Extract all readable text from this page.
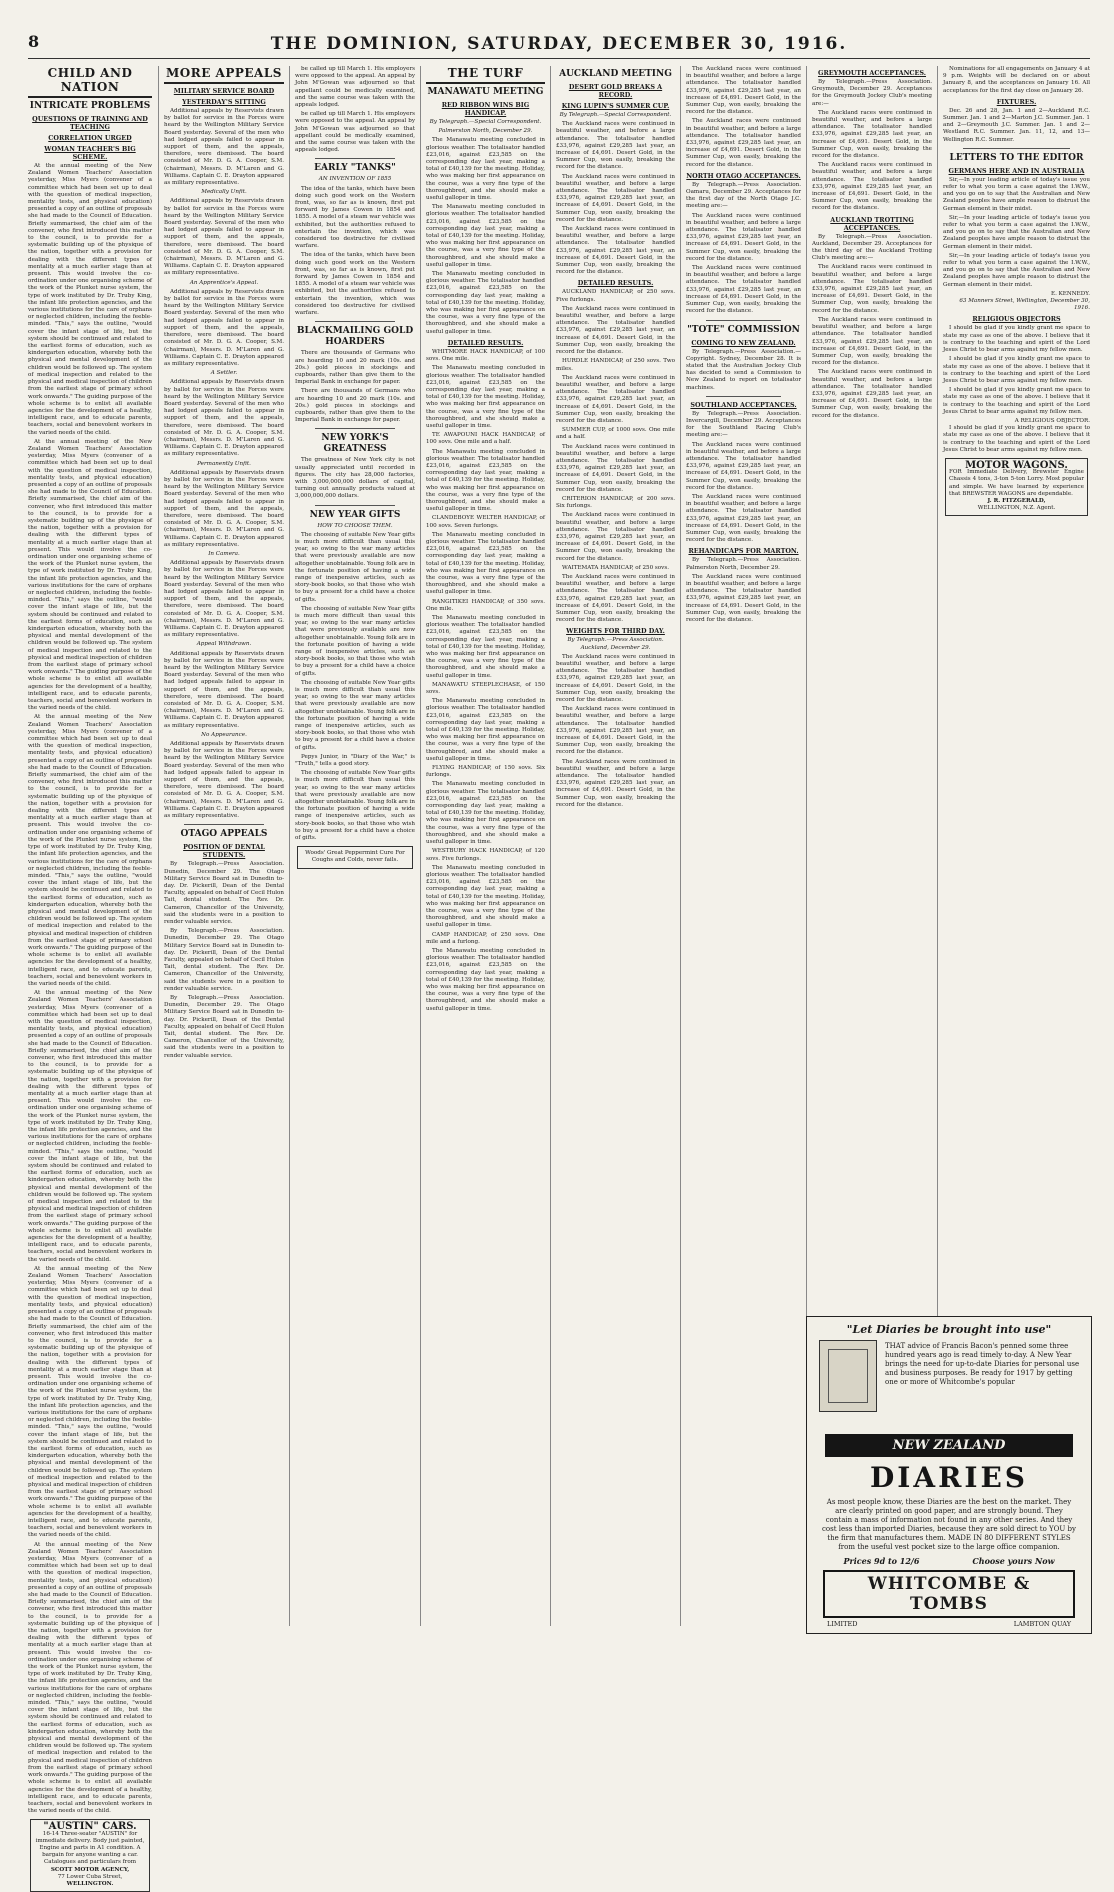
8	THE DOMINION, SATURDAY, DECEMBER 30, 1916.
CHILD AND NATION
INTRICATE PROBLEMS
QUESTIONS OF TRAINING AND TEACHING
CORRELATION URGED
WOMAN TEACHER'S BIG SCHEME.

At the annual meeting of the New Zealand Women Teachers' Association yesterday, Miss Myers (convener of a committee which had been set up to deal with the question of medical inspection, mentality tests, and physical education) presented a copy of an outline of proposals she had made to the Council of Education. Briefly summarised, the chief aim of the convener, who first introduced this matter to the council, is to provide for a systematic building up of the physique of the nation, together with a provision for dealing with the different types of mentality at a much earlier stage than at present. This would involve the co-ordination under one organising scheme of the work of the Plunket nurse system, the type of work instituted by Dr. Truby King, the infant life protection agencies, and the various institutions for the care of orphans or neglected children, including the feeble-minded. "This," says the outline, "would cover the infant stage of life, but the system should be continued and related to the earliest forms of education, such as kindergarten education, whereby both the physical and mental development of the children would be followed up. The system of medical inspection and related to the physical and medical inspection of children from the earliest stage of primary school work onwards." The guiding purpose of the whole scheme is to enlist all available agencies for the development of a healthy, intelligent race, and to educate parents, teachers, social and benevolent workers in the varied needs of the child.

At the annual meeting of the New Zealand Women Teachers' Association yesterday, Miss Myers (convener of a committee which had been set up to deal with the question of medical inspection, mentality tests, and physical education) presented a copy of an outline of proposals she had made to the Council of Education. Briefly summarised, the chief aim of the convener, who first introduced this matter to the council, is to provide for a systematic building up of the physique of the nation, together with a provision for dealing with the different types of mentality at a much earlier stage than at present. This would involve the co-ordination under one organising scheme of the work of the Plunket nurse system, the type of work instituted by Dr. Truby King, the infant life protection agencies, and the various institutions for the care of orphans or neglected children, including the feeble-minded. "This," says the outline, "would cover the infant stage of life, but the system should be continued and related to the earliest forms of education, such as kindergarten education, whereby both the physical and mental development of the children would be followed up. The system of medical inspection and related to the physical and medical inspection of children from the earliest stage of primary school work onwards." The guiding purpose of the whole scheme is to enlist all available agencies for the development of a healthy, intelligent race, and to educate parents, teachers, social and benevolent workers in the varied needs of the child.

At the annual meeting of the New Zealand Women Teachers' Association yesterday, Miss Myers (convener of a committee which had been set up to deal with the question of medical inspection, mentality tests, and physical education) presented a copy of an outline of proposals she had made to the Council of Education. Briefly summarised, the chief aim of the convener, who first introduced this matter to the council, is to provide for a systematic building up of the physique of the nation, together with a provision for dealing with the different types of mentality at a much earlier stage than at present. This would involve the co-ordination under one organising scheme of the work of the Plunket nurse system, the type of work instituted by Dr. Truby King, the infant life protection agencies, and the various institutions for the care of orphans or neglected children, including the feeble-minded. "This," says the outline, "would cover the infant stage of life, but the system should be continued and related to the earliest forms of education, such as kindergarten education, whereby both the physical and mental development of the children would be followed up. The system of medical inspection and related to the physical and medical inspection of children from the earliest stage of primary school work onwards." The guiding purpose of the whole scheme is to enlist all available agencies for the development of a healthy, intelligent race, and to educate parents, teachers, social and benevolent workers in the varied needs of the child.

At the annual meeting of the New Zealand Women Teachers' Association yesterday, Miss Myers (convener of a committee which had been set up to deal with the question of medical inspection, mentality tests, and physical education) presented a copy of an outline of proposals she had made to the Council of Education. Briefly summarised, the chief aim of the convener, who first introduced this matter to the council, is to provide for a systematic building up of the physique of the nation, together with a provision for dealing with the different types of mentality at a much earlier stage than at present. This would involve the co-ordination under one organising scheme of the work of the Plunket nurse system, the type of work instituted by Dr. Truby King, the infant life protection agencies, and the various institutions for the care of orphans or neglected children, including the feeble-minded. "This," says the outline, "would cover the infant stage of life, but the system should be continued and related to the earliest forms of education, such as kindergarten education, whereby both the physical and mental development of the children would be followed up. The system of medical inspection and related to the physical and medical inspection of children from the earliest stage of primary school work onwards." The guiding purpose of the whole scheme is to enlist all available agencies for the development of a healthy, intelligent race, and to educate parents, teachers, social and benevolent workers in the varied needs of the child.

At the annual meeting of the New Zealand Women Teachers' Association yesterday, Miss Myers (convener of a committee which had been set up to deal with the question of medical inspection, mentality tests, and physical education) presented a copy of an outline of proposals she had made to the Council of Education. Briefly summarised, the chief aim of the convener, who first introduced this matter to the council, is to provide for a systematic building up of the physique of the nation, together with a provision for dealing with the different types of mentality at a much earlier stage than at present. This would involve the co-ordination under one organising scheme of the work of the Plunket nurse system, the type of work instituted by Dr. Truby King, the infant life protection agencies, and the various institutions for the care of orphans or neglected children, including the feeble-minded. "This," says the outline, "would cover the infant stage of life, but the system should be continued and related to the earliest forms of education, such as kindergarten education, whereby both the physical and mental development of the children would be followed up. The system of medical inspection and related to the physical and medical inspection of children from the earliest stage of primary school work onwards." The guiding purpose of the whole scheme is to enlist all available agencies for the development of a healthy, intelligent race, and to educate parents, teachers, social and benevolent workers in the varied needs of the child.

At the annual meeting of the New Zealand Women Teachers' Association yesterday, Miss Myers (convener of a committee which had been set up to deal with the question of medical inspection, mentality tests, and physical education) presented a copy of an outline of proposals she had made to the Council of Education. Briefly summarised, the chief aim of the convener, who first introduced this matter to the council, is to provide for a systematic building up of the physique of the nation, together with a provision for dealing with the different types of mentality at a much earlier stage than at present. This would involve the co-ordination under one organising scheme of the work of the Plunket nurse system, the type of work instituted by Dr. Truby King, the infant life protection agencies, and the various institutions for the care of orphans or neglected children, including the feeble-minded. "This," says the outline, "would cover the infant stage of life, but the system should be continued and related to the earliest forms of education, such as kindergarten education, whereby both the physical and mental development of the children would be followed up. The system of medical inspection and related to the physical and medical inspection of children from the earliest stage of primary school work onwards." The guiding purpose of the whole scheme is to enlist all available agencies for the development of a healthy, intelligent race, and to educate parents, teachers, social and benevolent workers in the varied needs of the child.

"AUSTIN" CARS.
16-14 Three-seater "AUSTIN" for immediate delivery. Body just painted, Engine and parts in A1 condition. A bargain for anyone wanting a car. Catalogues and particulars from
SCOTT MOTOR AGENCY,
77 Lower Cuba Street,
WELLINGTON.
MORE APPEALS
MILITARY SERVICE BOARD
YESTERDAY'S SITTING

Additional appeals by Reservists drawn by ballot for service in the Forces were heard by the Wellington Military Service Board yesterday. Several of the men who had lodged appeals failed to appear in support of them, and the appeals, therefore, were dismissed. The board consisted of Mr. D. G. A. Cooper, S.M. (chairman), Messrs. D. M'Laren and G. Williams. Captain C. E. Drayton appeared as military representative.

Medically Unfit.

Additional appeals by Reservists drawn by ballot for service in the Forces were heard by the Wellington Military Service Board yesterday. Several of the men who had lodged appeals failed to appear in support of them, and the appeals, therefore, were dismissed. The board consisted of Mr. D. G. A. Cooper, S.M. (chairman), Messrs. D. M'Laren and G. Williams. Captain C. E. Drayton appeared as military representative.

An Apprentice's Appeal.

Additional appeals by Reservists drawn by ballot for service in the Forces were heard by the Wellington Military Service Board yesterday. Several of the men who had lodged appeals failed to appear in support of them, and the appeals, therefore, were dismissed. The board consisted of Mr. D. G. A. Cooper, S.M. (chairman), Messrs. D. M'Laren and G. Williams. Captain C. E. Drayton appeared as military representative.

A Settler.

Additional appeals by Reservists drawn by ballot for service in the Forces were heard by the Wellington Military Service Board yesterday. Several of the men who had lodged appeals failed to appear in support of them, and the appeals, therefore, were dismissed. The board consisted of Mr. D. G. A. Cooper, S.M. (chairman), Messrs. D. M'Laren and G. Williams. Captain C. E. Drayton appeared as military representative.

Permanently Unfit.

Additional appeals by Reservists drawn by ballot for service in the Forces were heard by the Wellington Military Service Board yesterday. Several of the men who had lodged appeals failed to appear in support of them, and the appeals, therefore, were dismissed. The board consisted of Mr. D. G. A. Cooper, S.M. (chairman), Messrs. D. M'Laren and G. Williams. Captain C. E. Drayton appeared as military representative.

In Camera.

Additional appeals by Reservists drawn by ballot for service in the Forces were heard by the Wellington Military Service Board yesterday. Several of the men who had lodged appeals failed to appear in support of them, and the appeals, therefore, were dismissed. The board consisted of Mr. D. G. A. Cooper, S.M. (chairman), Messrs. D. M'Laren and G. Williams. Captain C. E. Drayton appeared as military representative.

Appeal Withdrawn.

Additional appeals by Reservists drawn by ballot for service in the Forces were heard by the Wellington Military Service Board yesterday. Several of the men who had lodged appeals failed to appear in support of them, and the appeals, therefore, were dismissed. The board consisted of Mr. D. G. A. Cooper, S.M. (chairman), Messrs. D. M'Laren and G. Williams. Captain C. E. Drayton appeared as military representative.

No Appearance.

Additional appeals by Reservists drawn by ballot for service in the Forces were heard by the Wellington Military Service Board yesterday. Several of the men who had lodged appeals failed to appear in support of them, and the appeals, therefore, were dismissed. The board consisted of Mr. D. G. A. Cooper, S.M. (chairman), Messrs. D. M'Laren and G. Williams. Captain C. E. Drayton appeared as military representative.

OTAGO APPEALS
POSITION OF DENTAL STUDENTS.

By Telegraph.—Press Association. Dunedin, December 29. The Otago Military Service Board sat in Dunedin to-day. Dr. Pickerill, Dean of the Dental Faculty, appealed on behalf of Cecil Hulon Tait, dental student. The Rev. Dr. Cameron, Chancellor of the University, said the students were in a position to render valuable service.

By Telegraph.—Press Association. Dunedin, December 29. The Otago Military Service Board sat in Dunedin to-day. Dr. Pickerill, Dean of the Dental Faculty, appealed on behalf of Cecil Hulon Tait, dental student. The Rev. Dr. Cameron, Chancellor of the University, said the students were in a position to render valuable service.

By Telegraph.—Press Association. Dunedin, December 29. The Otago Military Service Board sat in Dunedin to-day. Dr. Pickerill, Dean of the Dental Faculty, appealed on behalf of Cecil Hulon Tait, dental student. The Rev. Dr. Cameron, Chancellor of the University, said the students were in a position to render valuable service.

be called up till March 1. His employers were opposed to the appeal. An appeal by John M'Gowan was adjourned so that appellant could be medically examined, and the same course was taken with the appeals lodged.

be called up till March 1. His employers were opposed to the appeal. An appeal by John M'Gowan was adjourned so that appellant could be medically examined, and the same course was taken with the appeals lodged.

EARLY "TANKS"
AN INVENTION OF 1855

The idea of the tanks, which have been doing such good work on the Western front, was, so far as is known, first put forward by James Cowen in 1854 and 1855. A model of a steam war vehicle was exhibited, but the authorities refused to entertain the invention, which was considered too destructive for civilised warfare.

The idea of the tanks, which have been doing such good work on the Western front, was, so far as is known, first put forward by James Cowen in 1854 and 1855. A model of a steam war vehicle was exhibited, but the authorities refused to entertain the invention, which was considered too destructive for civilised warfare.

BLACKMAILING GOLD HOARDERS

There are thousands of Germans who are hoarding 10 and 20 mark (10s. and 20s.) gold pieces in stockings and cupboards, rather than give them to the Imperial Bank in exchange for paper.

There are thousands of Germans who are hoarding 10 and 20 mark (10s. and 20s.) gold pieces in stockings and cupboards, rather than give them to the Imperial Bank in exchange for paper.

NEW YORK'S GREATNESS

The greatness of New York city is not usually appreciated until recorded in figures. The city has 28,000 factories, with 3,000,000,000 dollars of capital, turning out annually products valued at 3,000,000,000 dollars.

NEW YEAR GIFTS
HOW TO CHOOSE THEM.

The choosing of suitable New Year gifts is much more difficult than usual this year, so owing to the war many articles that were previously available are now altogether unobtainable. Young folk are in the fortunate position of having a wide range of inexpensive articles, such as story-book books, so that those who wish to buy a present for a child have a choice of gifts.

The choosing of suitable New Year gifts is much more difficult than usual this year, so owing to the war many articles that were previously available are now altogether unobtainable. Young folk are in the fortunate position of having a wide range of inexpensive articles, such as story-book books, so that those who wish to buy a present for a child have a choice of gifts.

The choosing of suitable New Year gifts is much more difficult than usual this year, so owing to the war many articles that were previously available are now altogether unobtainable. Young folk are in the fortunate position of having a wide range of inexpensive articles, such as story-book books, so that those who wish to buy a present for a child have a choice of gifts.

Pepys Junior, in "Diary of the War," is "Truth," tells a good story.

The choosing of suitable New Year gifts is much more difficult than usual this year, so owing to the war many articles that were previously available are now altogether unobtainable. Young folk are in the fortunate position of having a wide range of inexpensive articles, such as story-book books, so that those who wish to buy a present for a child have a choice of gifts.

Woods' Great Peppermint Cure For Coughs and Colds, never fails.
THE TURF
MANAWATU MEETING
RED RIBBON WINS BIG HANDICAP.
By Telegraph.—Special Correspondent.
Palmerston North, December 29.

The Manawatu meeting concluded in glorious weather. The totalisator handled £23,016, against £23,585 on the corresponding day last year, making a total of £40,139 for the meeting. Holiday, who was making her first appearance on the course, was a very fine type of the thoroughbred, and she should make a useful galloper in time.

The Manawatu meeting concluded in glorious weather. The totalisator handled £23,016, against £23,585 on the corresponding day last year, making a total of £40,139 for the meeting. Holiday, who was making her first appearance on the course, was a very fine type of the thoroughbred, and she should make a useful galloper in time.

The Manawatu meeting concluded in glorious weather. The totalisator handled £23,016, against £23,585 on the corresponding day last year, making a total of £40,139 for the meeting. Holiday, who was making her first appearance on the course, was a very fine type of the thoroughbred, and she should make a useful galloper in time.

DETAILED RESULTS.

WHITMORE HACK HANDICAP, of 100 sovs. One mile.

The Manawatu meeting concluded in glorious weather. The totalisator handled £23,016, against £23,585 on the corresponding day last year, making a total of £40,139 for the meeting. Holiday, who was making her first appearance on the course, was a very fine type of the thoroughbred, and she should make a useful galloper in time.

TE AWAPOUNI HACK HANDICAP, of 100 sovs. One mile and a half.

The Manawatu meeting concluded in glorious weather. The totalisator handled £23,016, against £23,585 on the corresponding day last year, making a total of £40,139 for the meeting. Holiday, who was making her first appearance on the course, was a very fine type of the thoroughbred, and she should make a useful galloper in time.

CLANDEBOYE WELTER HANDICAP, of 100 sovs. Seven furlongs.

The Manawatu meeting concluded in glorious weather. The totalisator handled £23,016, against £23,585 on the corresponding day last year, making a total of £40,139 for the meeting. Holiday, who was making her first appearance on the course, was a very fine type of the thoroughbred, and she should make a useful galloper in time.

RANGITIKEI HANDICAP, of 350 sovs. One mile.

The Manawatu meeting concluded in glorious weather. The totalisator handled £23,016, against £23,585 on the corresponding day last year, making a total of £40,139 for the meeting. Holiday, who was making her first appearance on the course, was a very fine type of the thoroughbred, and she should make a useful galloper in time.

MANAWATU STEEPLECHASE, of 150 sovs.

The Manawatu meeting concluded in glorious weather. The totalisator handled £23,016, against £23,585 on the corresponding day last year, making a total of £40,139 for the meeting. Holiday, who was making her first appearance on the course, was a very fine type of the thoroughbred, and she should make a useful galloper in time.

FLYING HANDICAP, of 150 sovs. Six furlongs.

The Manawatu meeting concluded in glorious weather. The totalisator handled £23,016, against £23,585 on the corresponding day last year, making a total of £40,139 for the meeting. Holiday, who was making her first appearance on the course, was a very fine type of the thoroughbred, and she should make a useful galloper in time.

WESTBURY HACK HANDICAP, of 120 sovs. Five furlongs.

The Manawatu meeting concluded in glorious weather. The totalisator handled £23,016, against £23,585 on the corresponding day last year, making a total of £40,139 for the meeting. Holiday, who was making her first appearance on the course, was a very fine type of the thoroughbred, and she should make a useful galloper in time.

CAMP HANDICAP, of 250 sovs. One mile and a furlong.

The Manawatu meeting concluded in glorious weather. The totalisator handled £23,016, against £23,585 on the corresponding day last year, making a total of £40,139 for the meeting. Holiday, who was making her first appearance on the course, was a very fine type of the thoroughbred, and she should make a useful galloper in time.

AUCKLAND MEETING
DESERT GOLD BREAKS A RECORD.
KING LUPIN'S SUMMER CUP.
By Telegraph.—Special Correspondent.

The Auckland races were continued in beautiful weather, and before a large attendance. The totalisator handled £33,976, against £29,285 last year, an increase of £4,691. Desert Gold, in the Summer Cup, won easily, breaking the record for the distance.

The Auckland races were continued in beautiful weather, and before a large attendance. The totalisator handled £33,976, against £29,285 last year, an increase of £4,691. Desert Gold, in the Summer Cup, won easily, breaking the record for the distance.

The Auckland races were continued in beautiful weather, and before a large attendance. The totalisator handled £33,976, against £29,285 last year, an increase of £4,691. Desert Gold, in the Summer Cup, won easily, breaking the record for the distance.

DETAILED RESULTS.

AUCKLAND HANDICAP, of 250 sovs. Five furlongs.

The Auckland races were continued in beautiful weather, and before a large attendance. The totalisator handled £33,976, against £29,285 last year, an increase of £4,691. Desert Gold, in the Summer Cup, won easily, breaking the record for the distance.

HURDLE HANDICAP, of 250 sovs. Two miles.

The Auckland races were continued in beautiful weather, and before a large attendance. The totalisator handled £33,976, against £29,285 last year, an increase of £4,691. Desert Gold, in the Summer Cup, won easily, breaking the record for the distance.

SUMMER CUP, of 1000 sovs. One mile and a half.

The Auckland races were continued in beautiful weather, and before a large attendance. The totalisator handled £33,976, against £29,285 last year, an increase of £4,691. Desert Gold, in the Summer Cup, won easily, breaking the record for the distance.

CRITERION HANDICAP, of 200 sovs. Six furlongs.

The Auckland races were continued in beautiful weather, and before a large attendance. The totalisator handled £33,976, against £29,285 last year, an increase of £4,691. Desert Gold, in the Summer Cup, won easily, breaking the record for the distance.

WAITEMATA HANDICAP, of 250 sovs.

The Auckland races were continued in beautiful weather, and before a large attendance. The totalisator handled £33,976, against £29,285 last year, an increase of £4,691. Desert Gold, in the Summer Cup, won easily, breaking the record for the distance.

WEIGHTS FOR THIRD DAY.
By Telegraph.—Press Association. Auckland, December 29.

The Auckland races were continued in beautiful weather, and before a large attendance. The totalisator handled £33,976, against £29,285 last year, an increase of £4,691. Desert Gold, in the Summer Cup, won easily, breaking the record for the distance.

The Auckland races were continued in beautiful weather, and before a large attendance. The totalisator handled £33,976, against £29,285 last year, an increase of £4,691. Desert Gold, in the Summer Cup, won easily, breaking the record for the distance.

The Auckland races were continued in beautiful weather, and before a large attendance. The totalisator handled £33,976, against £29,285 last year, an increase of £4,691. Desert Gold, in the Summer Cup, won easily, breaking the record for the distance.

The Auckland races were continued in beautiful weather, and before a large attendance. The totalisator handled £33,976, against £29,285 last year, an increase of £4,691. Desert Gold, in the Summer Cup, won easily, breaking the record for the distance.

The Auckland races were continued in beautiful weather, and before a large attendance. The totalisator handled £33,976, against £29,285 last year, an increase of £4,691. Desert Gold, in the Summer Cup, won easily, breaking the record for the distance.

NORTH OTAGO ACCEPTANCES.

By Telegraph.—Press Association. Oamaru, December 29. Acceptances for the first day of the North Otago J.C. meeting are:—

The Auckland races were continued in beautiful weather, and before a large attendance. The totalisator handled £33,976, against £29,285 last year, an increase of £4,691. Desert Gold, in the Summer Cup, won easily, breaking the record for the distance.

The Auckland races were continued in beautiful weather, and before a large attendance. The totalisator handled £33,976, against £29,285 last year, an increase of £4,691. Desert Gold, in the Summer Cup, won easily, breaking the record for the distance.

"TOTE" COMMISSION
COMING TO NEW ZEALAND.

By Telegraph.—Press Association.—Copyright. Sydney, December 28. It is stated that the Australian Jockey Club has decided to send a Commission to New Zealand to report on totalisator machines.

SOUTHLAND ACCEPTANCES.

By Telegraph.—Press Association. Invercargill, December 29. Acceptances for the Southland Racing Club's meeting are:—

The Auckland races were continued in beautiful weather, and before a large attendance. The totalisator handled £33,976, against £29,285 last year, an increase of £4,691. Desert Gold, in the Summer Cup, won easily, breaking the record for the distance.

The Auckland races were continued in beautiful weather, and before a large attendance. The totalisator handled £33,976, against £29,285 last year, an increase of £4,691. Desert Gold, in the Summer Cup, won easily, breaking the record for the distance.

REHANDICAPS FOR MARTON.

By Telegraph.—Press Association. Palmerston North, December 29.

The Auckland races were continued in beautiful weather, and before a large attendance. The totalisator handled £33,976, against £29,285 last year, an increase of £4,691. Desert Gold, in the Summer Cup, won easily, breaking the record for the distance.

GREYMOUTH ACCEPTANCES.

By Telegraph.—Press Association. Greymouth, December 29. Acceptances for the Greymouth Jockey Club's meeting are:—

The Auckland races were continued in beautiful weather, and before a large attendance. The totalisator handled £33,976, against £29,285 last year, an increase of £4,691. Desert Gold, in the Summer Cup, won easily, breaking the record for the distance.

The Auckland races were continued in beautiful weather, and before a large attendance. The totalisator handled £33,976, against £29,285 last year, an increase of £4,691. Desert Gold, in the Summer Cup, won easily, breaking the record for the distance.

AUCKLAND TROTTING ACCEPTANCES.

By Telegraph.—Press Association. Auckland, December 29. Acceptances for the third day of the Auckland Trotting Club's meeting are:—

The Auckland races were continued in beautiful weather, and before a large attendance. The totalisator handled £33,976, against £29,285 last year, an increase of £4,691. Desert Gold, in the Summer Cup, won easily, breaking the record for the distance.

The Auckland races were continued in beautiful weather, and before a large attendance. The totalisator handled £33,976, against £29,285 last year, an increase of £4,691. Desert Gold, in the Summer Cup, won easily, breaking the record for the distance.

The Auckland races were continued in beautiful weather, and before a large attendance. The totalisator handled £33,976, against £29,285 last year, an increase of £4,691. Desert Gold, in the Summer Cup, won easily, breaking the record for the distance.

Nominations for all engagements on January 4 at 9 p.m. Weights will be declared on or about January 8, and the acceptances on January 16. All acceptances for the first day close on January 26.

FIXTURES.

Dec. 26 and 28, Jan. 1 and 2—Auckland R.C. Summer. Jan. 1 and 2—Marton J.C. Summer. Jan. 1 and 2—Greymouth J.C. Summer. Jan. 1 and 2—Westland R.C. Summer. Jan. 11, 12, and 13—Wellington R.C. Summer.

LETTERS TO THE EDITOR
GERMANS HERE AND IN AUSTRALIA

Sir,—In your leading article of today's issue you refer to what you term a case against the I.W.W., and you go on to say that the Australian and New Zealand peoples have ample reason to distrust the German element in their midst.

Sir,—In your leading article of today's issue you refer to what you term a case against the I.W.W., and you go on to say that the Australian and New Zealand peoples have ample reason to distrust the German element in their midst.

Sir,—In your leading article of today's issue you refer to what you term a case against the I.W.W., and you go on to say that the Australian and New Zealand peoples have ample reason to distrust the German element in their midst.

E. KENNEDY.
63 Manners Street, Wellington, December 30, 1916.
RELIGIOUS OBJECTORS

I should be glad if you kindly grant me space to state my case as one of the above. I believe that it is contrary to the teaching and spirit of the Lord Jesus Christ to bear arms against my fellow men.

I should be glad if you kindly grant me space to state my case as one of the above. I believe that it is contrary to the teaching and spirit of the Lord Jesus Christ to bear arms against my fellow men.

I should be glad if you kindly grant me space to state my case as one of the above. I believe that it is contrary to the teaching and spirit of the Lord Jesus Christ to bear arms against my fellow men.

A RELIGIOUS OBJECTOR.

I should be glad if you kindly grant me space to state my case as one of the above. I believe that it is contrary to the teaching and spirit of the Lord Jesus Christ to bear arms against my fellow men.

MOTOR WAGONS.
FOR Immediate Delivery, Brewster Engine Chassis 4 tons, 3-ton 5-ton Lorry. Most popular and simple. We have learned by experience that BREWSTER WAGONS are dependable.
J. R. FITZGERALD,
WELLINGTON, N.Z. Agent.
"Let Diaries be brought into use"
THAT advice of Francis Bacon's penned some three hundred years ago is read timely to-day. A New Year brings the need for up-to-date Diaries for personal use and business purposes. Be ready for 1917 by getting one or more of Whitcombe's popular
NEW ZEALAND
DIARIES
As most people know, these Diaries are the best on the market. They are clearly printed on good paper, and are strongly bound. They contain a mass of information not found in any other series. And they cost less than imported Diaries, because they are sold direct to YOU by the firm that manufactures them. MADE IN 80 DIFFERENT STYLES from the useful vest pocket size to the large office companion.
Prices 9d to 12/6	Choose yours Now
WHITCOMBE & TOMBS
LIMITED	LAMBTON QUAY
